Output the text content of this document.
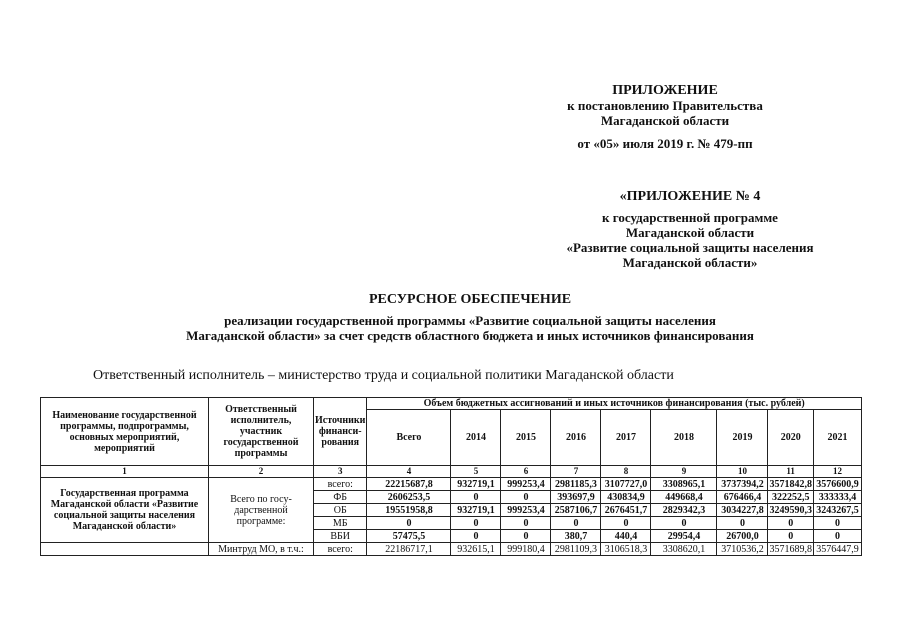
ПРИЛОЖЕНИЕ
к постановлению Правительства
Магаданской области
от «05» июля 2019 г. № 479-пп
«ПРИЛОЖЕНИЕ № 4
к государственной программе
Магаданской области
«Развитие социальной защиты населения
Магаданской области»
РЕСУРСНОЕ ОБЕСПЕЧЕНИЕ
реализации государственной программы «Развитие социальной защиты населения
Магаданской области» за счет средств областного бюджета и иных источников финансирования
Ответственный исполнитель – министерство труда и социальной политики Магаданской области
Наименование государственной программы, подпрограммы, основных мероприятий, мероприятий	Ответственный исполнитель, участник государственной программы	Источники финанси-рования	Объем бюджетных ассигнований и иных источников финансирования (тыс. рублей)								
			Всего	2014	2015	2016	2017	2018	2019	2020	2021
1	2	3	4	5	6	7	8	9	10	11	12
Государственная программа Магаданской области «Развитие социальной защиты населения Магаданской области»	Всего по госу-дарственной программе:	всего:	22215687,8	932719,1	999253,4	2981185,3	3107727,0	3308965,1	3737394,2	3571842,8	3576600,9
		ФБ	2606253,5	0	0	393697,9	430834,9	449668,4	676466,4	322252,5	333333,4
		ОБ	19551958,8	932719,1	999253,4	2587106,7	2676451,7	2829342,3	3034227,8	3249590,3	3243267,5
		МБ	0	0	0	0	0	0	0	0	0
		ВБИ	57475,5	0	0	380,7	440,4	29954,4	26700,0	0	0
	Минтруд МО, в т.ч.:	всего:	22186717,1	932615,1	999180,4	2981109,3	3106518,3	3308620,1	3710536,2	3571689,8	3576447,9
